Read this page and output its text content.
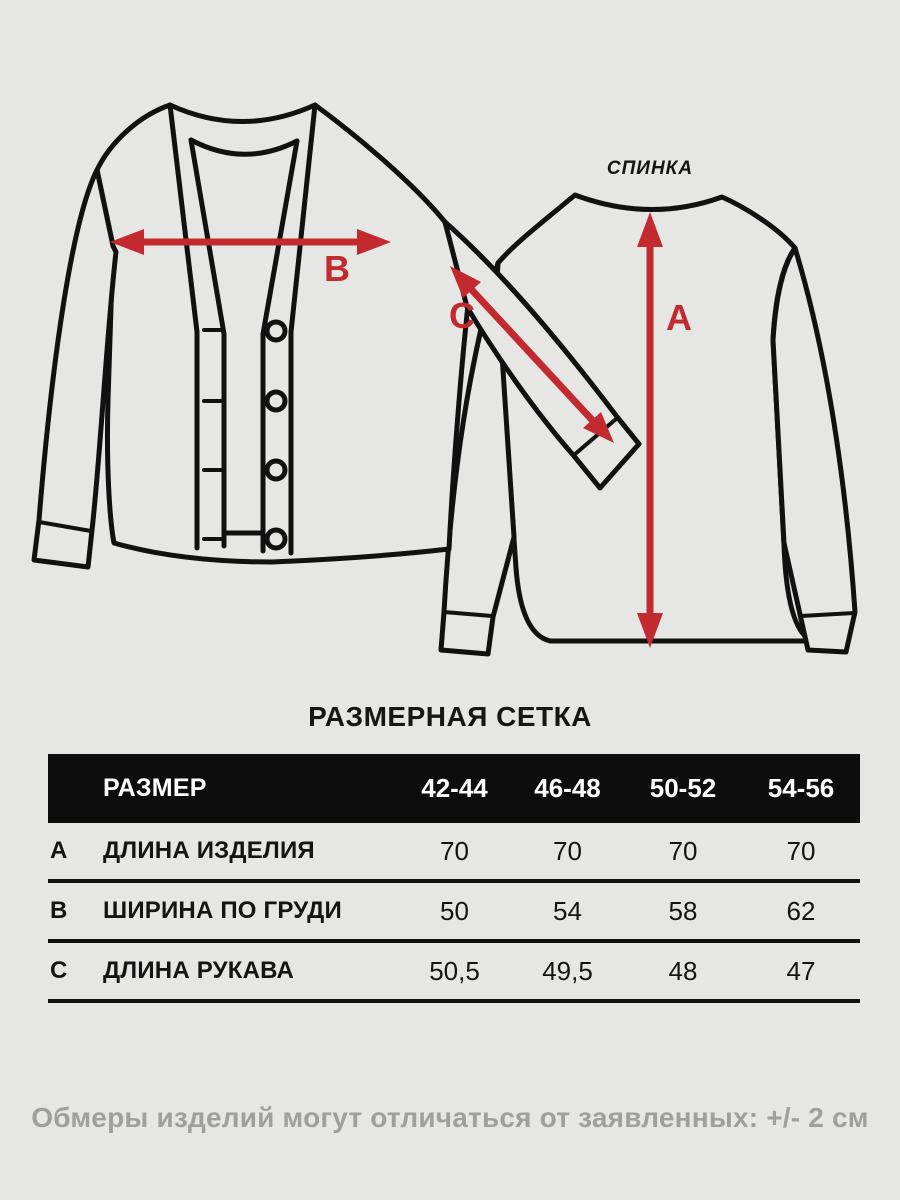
СПИНКА
B
C	A
РАЗМЕРНАЯ СЕТКА
РАЗМЕР	42-44	46-48	50-52	54-56
A	ДЛИНА ИЗДЕЛИЯ	70	70	70	70
B	ШИРИНА ПО ГРУДИ	50	54	58	62
C	ДЛИНА РУКАВА	50,5	49,5	48	47
Обмеры изделий могут отличаться от заявленных: +/- 2 см
